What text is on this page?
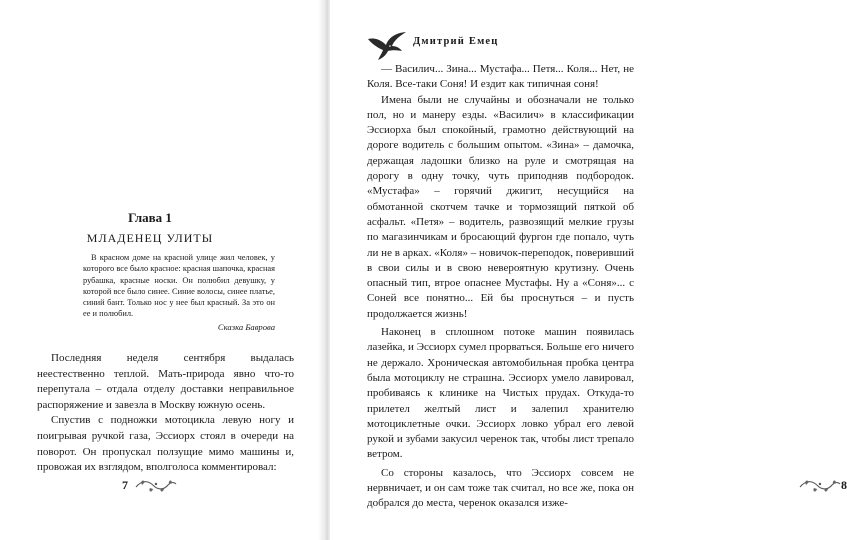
Глава 1
МЛАДЕНЕЦ УЛИТЫ

В красном доме на красной улице жил человек, у которого все было красное: красная шапочка, красная рубашка, красные носки. Он полюбил девушку, у которой все было синее. Синие волосы, синее платье, синий бант. Только нос у нее был красный. За это он ее и полюбил.

Сказка Баврова

Последняя неделя сентября выдалась неестественно теплой. Мать-природа явно что-то перепутала – отдала отделу доставки неправильное распоряжение и завезла в Москву южную осень.

Спустив с подножки мотоцикла левую ногу и поигрывая ручкой газа, Эссиорх стоял в очереди на поворот. Он пропускал ползущие мимо машины и, провожая их взглядом, вполголоса комментировал:

7
Дмитрий Емец

— Василич... Зина... Мустафа... Петя... Коля... Нет, не Коля. Все-таки Соня! И ездит как типичная соня!

Имена были не случайны и обозначали не только пол, но и манеру езды. «Василич» в классификации Эссиорха был спокойный, грамотно действующий на дороге водитель с большим опытом. «Зина» – дамочка, держащая ладошки близко на руле и смотрящая на дорогу в одну точку, чуть приподняв подбородок. «Мустафа» – горячий джигит, несущийся на обмотанной скотчем тачке и тормозящий пяткой об асфальт. «Петя» – водитель, развозящий мелкие грузы по магазинчикам и бросающий фургон где попало, чуть ли не в арках. «Коля» – новичок-переподок, поверивший в свои силы и в свою невероятную крутизну. Очень опасный тип, втрое опаснее Мустафы. Ну а «Соня»... с Соней все понятно... Ей бы проснуться – и пусть продолжается жизнь!

Наконец в сплошном потоке машин появилась лазейка, и Эссиорх сумел прорваться. Больше его ничего не держало. Хроническая автомобильная пробка центра была мотоциклу не страшна. Эссиорх умело лавировал, пробиваясь к клинике на Чистых прудах. Откуда-то прилетел желтый лист и залепил хранителю мотоциклетные очки. Эссиорх ловко убрал его левой рукой и зубами закусил черенок так, чтобы лист трепало ветром.

Со стороны казалось, что Эссиорх совсем не нервничает, и он сам тоже так считал, но все же, пока он добрался до места, черенок оказался изже-

8
